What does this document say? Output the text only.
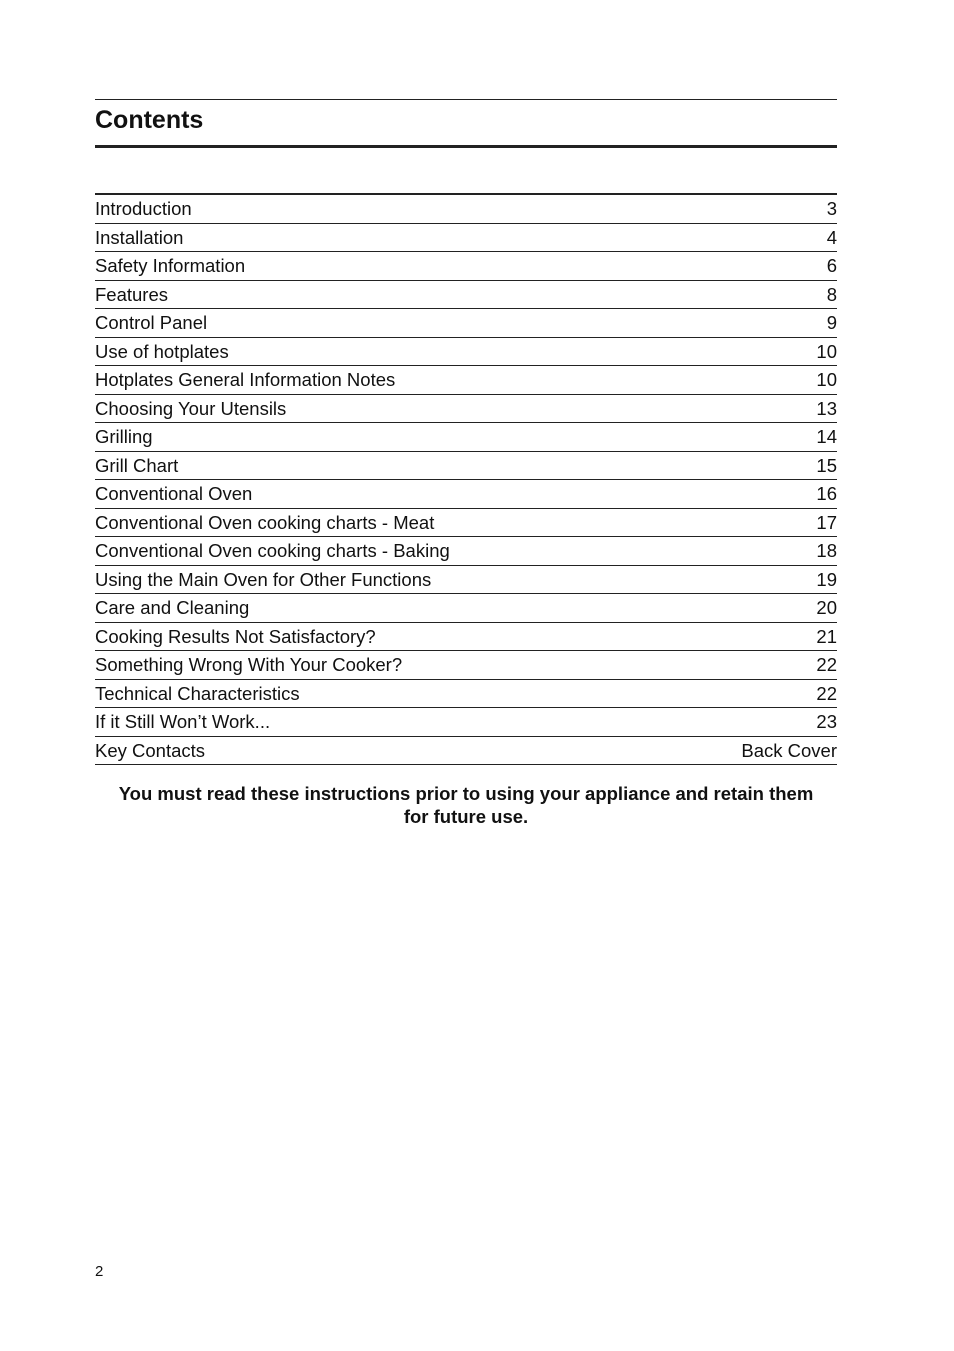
Contents
Introduction	3
Installation	4
Safety Information	6
Features	8
Control Panel	9
Use of hotplates	10
Hotplates General Information Notes	10
Choosing Your Utensils	13
Grilling	14
Grill Chart	15
Conventional Oven	16
Conventional Oven cooking charts - Meat	17
Conventional Oven cooking charts - Baking	18
Using the Main Oven for Other Functions	19
Care and Cleaning	20
Cooking Results Not Satisfactory?	21
Something Wrong With Your Cooker?	22
Technical Characteristics	22
If it Still Won’t Work...	23
Key Contacts	Back Cover
You must read these instructions prior to using your appliance and retain them for future use.
2
